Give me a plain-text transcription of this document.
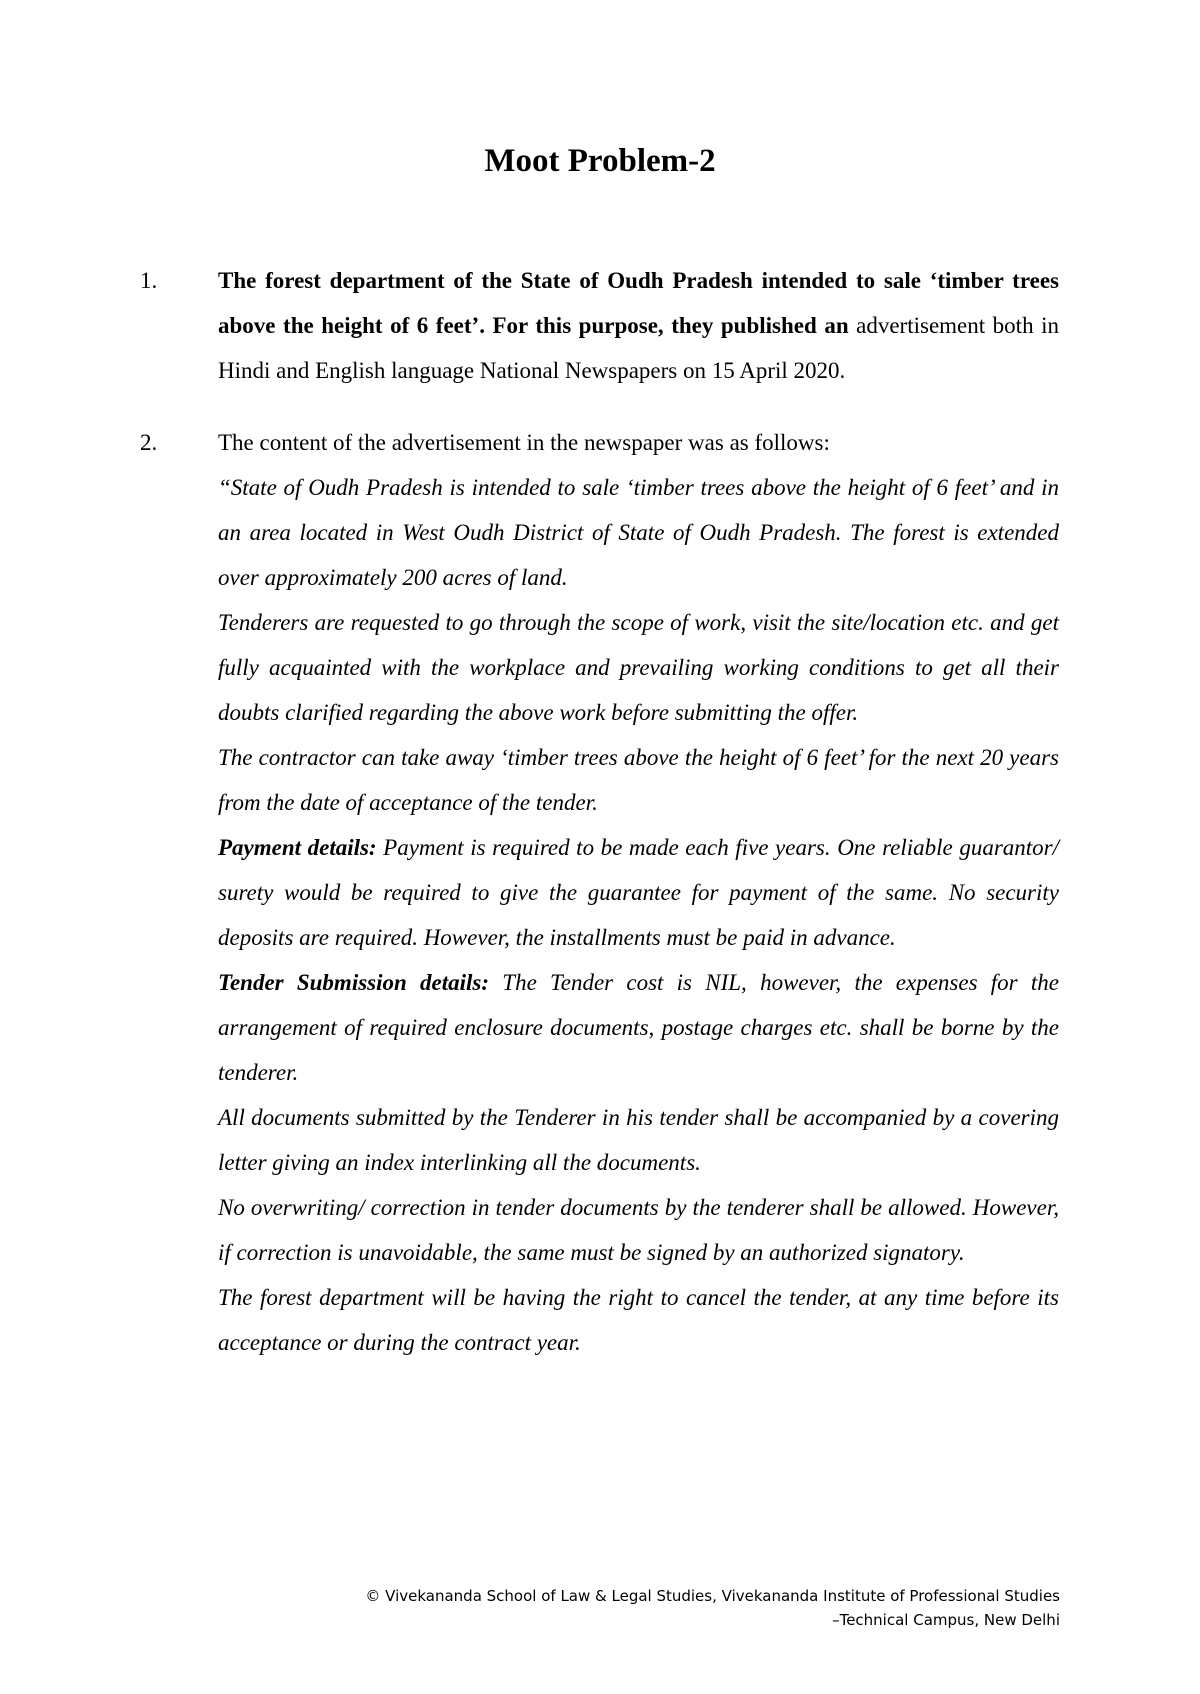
Moot Problem-2
1.	The forest department of the State of Oudh Pradesh intended to sale ‘timber trees above the height of 6 feet’. For this purpose, they published an advertisement both in Hindi and English language National Newspapers on 15 April 2020.
2.	The content of the advertisement in the newspaper was as follows:

“State of Oudh Pradesh is intended to sale ‘timber trees above the height of 6 feet’ and in an area located in West Oudh District of State of Oudh Pradesh. The forest is extended over approximately 200 acres of land.

Tenderers are requested to go through the scope of work, visit the site/location etc. and get fully acquainted with the workplace and prevailing working conditions to get all their doubts clarified regarding the above work before submitting the offer.

The contractor can take away ‘timber trees above the height of 6 feet’ for the next 20 years from the date of acceptance of the tender.

Payment details: Payment is required to be made each five years. One reliable guarantor/ surety would be required to give the guarantee for payment of the same. No security deposits are required. However, the installments must be paid in advance.

Tender Submission details: The Tender cost is NIL, however, the expenses for the arrangement of required enclosure documents, postage charges etc. shall be borne by the tenderer.

All documents submitted by the Tenderer in his tender shall be accompanied by a covering letter giving an index interlinking all the documents.

No overwriting/ correction in tender documents by the tenderer shall be allowed. However, if correction is unavoidable, the same must be signed by an authorized signatory.

The forest department will be having the right to cancel the tender, at any time before its acceptance or during the contract year.

© Vivekananda School of Law & Legal Studies, Vivekananda Institute of Professional Studies
–Technical Campus, New Delhi
